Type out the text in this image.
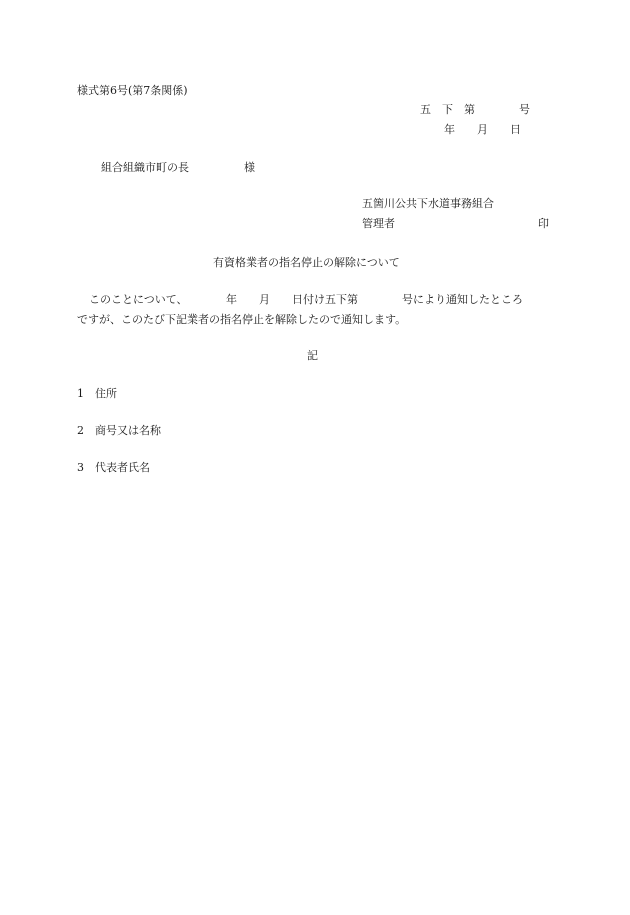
様式第6号(第7条関係)
五　下　第　　　　号
年　　月　　日
組合組織市町の長　　　　　様
五箇川公共下水道事務組合
管理者　　　　　　　　　　　　　印
有資格業者の指名停止の解除について
このことについて、　　　　年　　月　　日付け五下第　　　　号により通知したところ
ですが、このたび下記業者の指名停止を解除したので通知します。
記
1　住所
2　商号又は名称
3　代表者氏名
